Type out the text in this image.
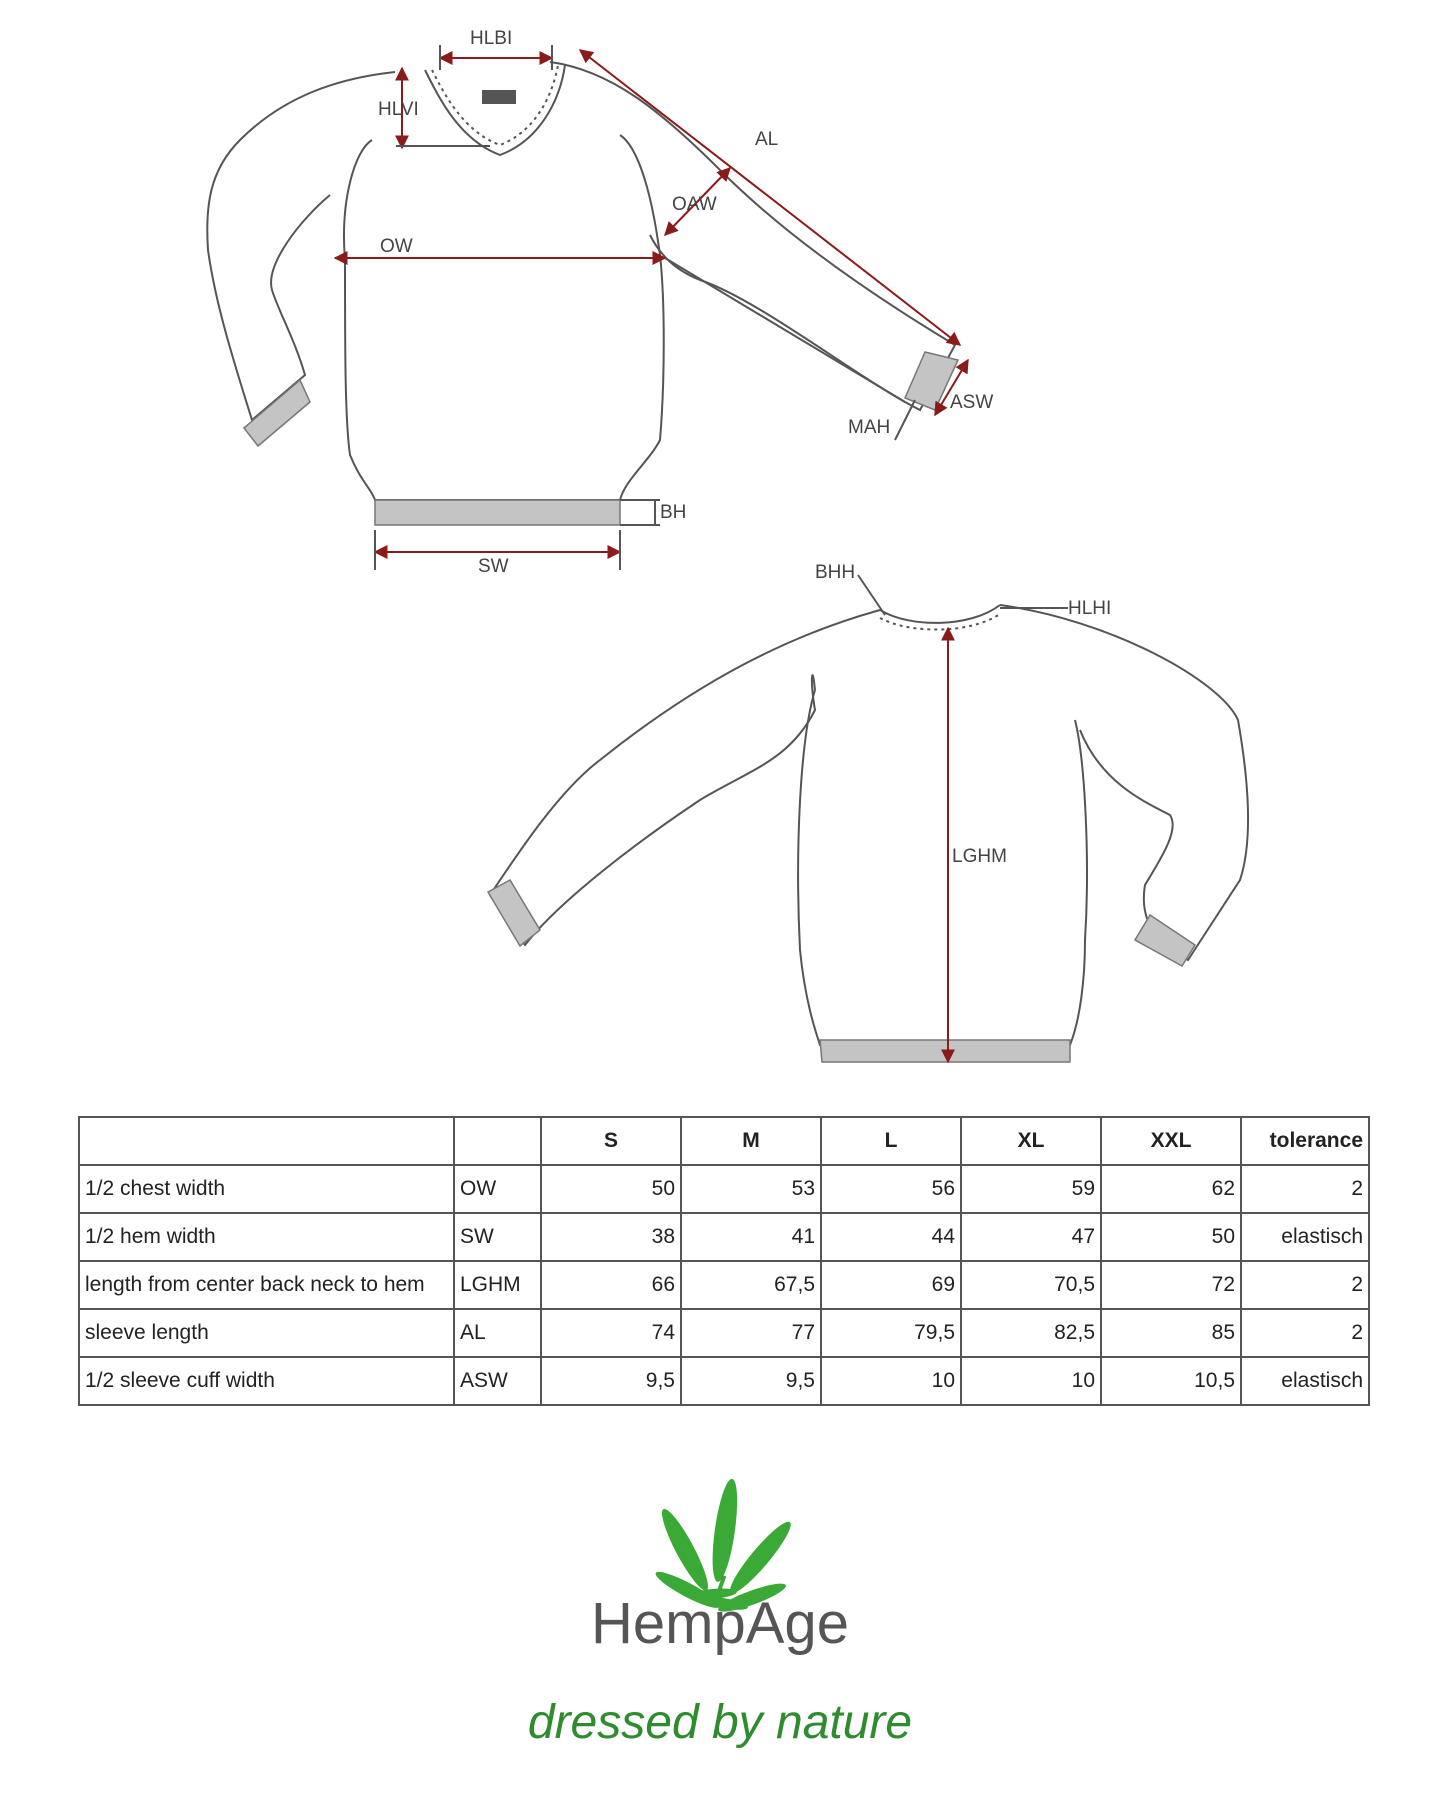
HLBI
HLVI
AL
OAW
OW
MAH
ASW
BH
SW	BHH
HLHI
LGHM
		S	M	L	XL	XXL	tolerance
1/2 chest width	OW	50	53	56	59	62	2
1/2 hem width	SW	38	41	44	47	50	elastisch
length from center back neck to hem	LGHM	66	67,5	69	70,5	72	2
sleeve length	AL	74	77	79,5	82,5	85	2
1/2 sleeve cuff width	ASW	9,5	9,5	10	10	10,5	elastisch
dressed by nature
HempAge
